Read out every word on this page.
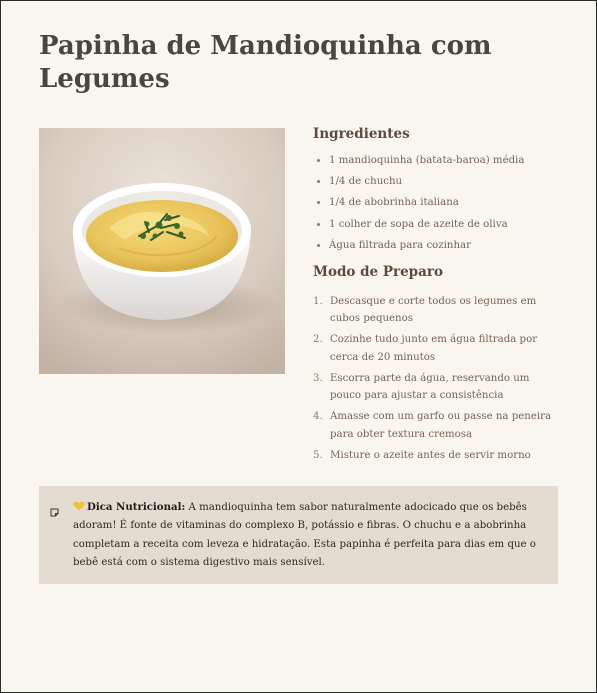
Papinha de Mandioquinha com Legumes
Ingredientes
1 mandioquinha (batata-baroa) média
1/4 de chuchu
1/4 de abobrinha italiana
1 colher de sopa de azeite de oliva
Água filtrada para cozinhar
Modo de Preparo
1. Descasque e corte todos os legumes em cubos pequenos
2. Cozinhe tudo junto em água filtrada por cerca de 20 minutos
3. Escorra parte da água, reservando um pouco para ajustar a consistência
4. Amasse com um garfo ou passe na peneira para obter textura cremosa
5. Misture o azeite antes de servir morno
Dica Nutricional: A mandioquinha tem sabor naturalmente adocicado que os bebês adoram! É fonte de vitaminas do complexo B, potássio e fibras. O chuchu e a abobrinha completam a receita com leveza e hidratação. Esta papinha é perfeita para dias em que o bebê está com o sistema digestivo mais sensível.
